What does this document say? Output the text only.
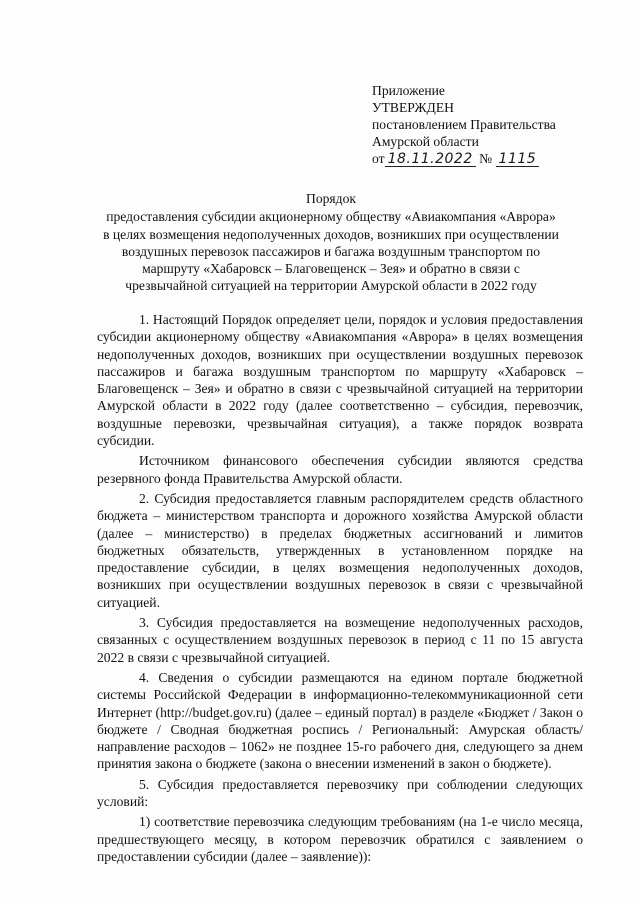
Приложение
УТВЕРЖДЕН
постановлением Правительства
Амурской области
от 18.11.2022 № 1115
Порядок
предоставления субсидии акционерному обществу «Авиакомпания «Аврора»
в целях возмещения недополученных доходов, возникших при осуществлении
воздушных перевозок пассажиров и багажа воздушным транспортом по
маршруту «Хабаровск – Благовещенск – Зея» и обратно в связи с
чрезвычайной ситуацией на территории Амурской области в 2022 году

1. Настоящий Порядок определяет цели, порядок и условия предоставления субсидии акционерному обществу «Авиакомпания «Аврора» в целях возмещения недополученных доходов, возникших при осуществлении воздушных перевозок пассажиров и багажа воздушным транспортом по маршруту «Хабаровск – Благовещенск – Зея» и обратно в связи с чрезвычайной ситуацией на территории Амурской области в 2022 году (далее соответственно – субсидия, перевозчик, воздушные перевозки, чрезвычайная ситуация), а также порядок возврата субсидии.

Источником финансового обеспечения субсидии являются средства резервного фонда Правительства Амурской области.

2. Субсидия предоставляется главным распорядителем средств областного бюджета – министерством транспорта и дорожного хозяйства Амурской области (далее – министерство) в пределах бюджетных ассигнований и лимитов бюджетных обязательств, утвержденных в установленном порядке на предоставление субсидии, в целях возмещения недополученных доходов, возникших при осуществлении воздушных перевозок в связи с чрезвычайной ситуацией.

3. Субсидия предоставляется на возмещение недополученных расходов, связанных с осуществлением воздушных перевозок в период с 11 по 15 августа 2022 в связи с чрезвычайной ситуацией.

4. Сведения о субсидии размещаются на едином портале бюджетной системы Российской Федерации в информационно-телекоммуникационной сети Интернет (http://budget.gov.ru) (далее – единый портал) в разделе «Бюджет / Закон о бюджете / Сводная бюджетная роспись / Региональный: Амурская область/направление расходов – 1062» не позднее 15-го рабочего дня, следующего за днем принятия закона о бюджете (закона о внесении изменений в закон о бюджете).

5. Субсидия предоставляется перевозчику при соблюдении следующих условий:

1) соответствие перевозчика следующим требованиям (на 1-е число месяца, предшествующего месяцу, в котором перевозчик обратился с заявлением о предоставлении субсидии (далее – заявление)):
